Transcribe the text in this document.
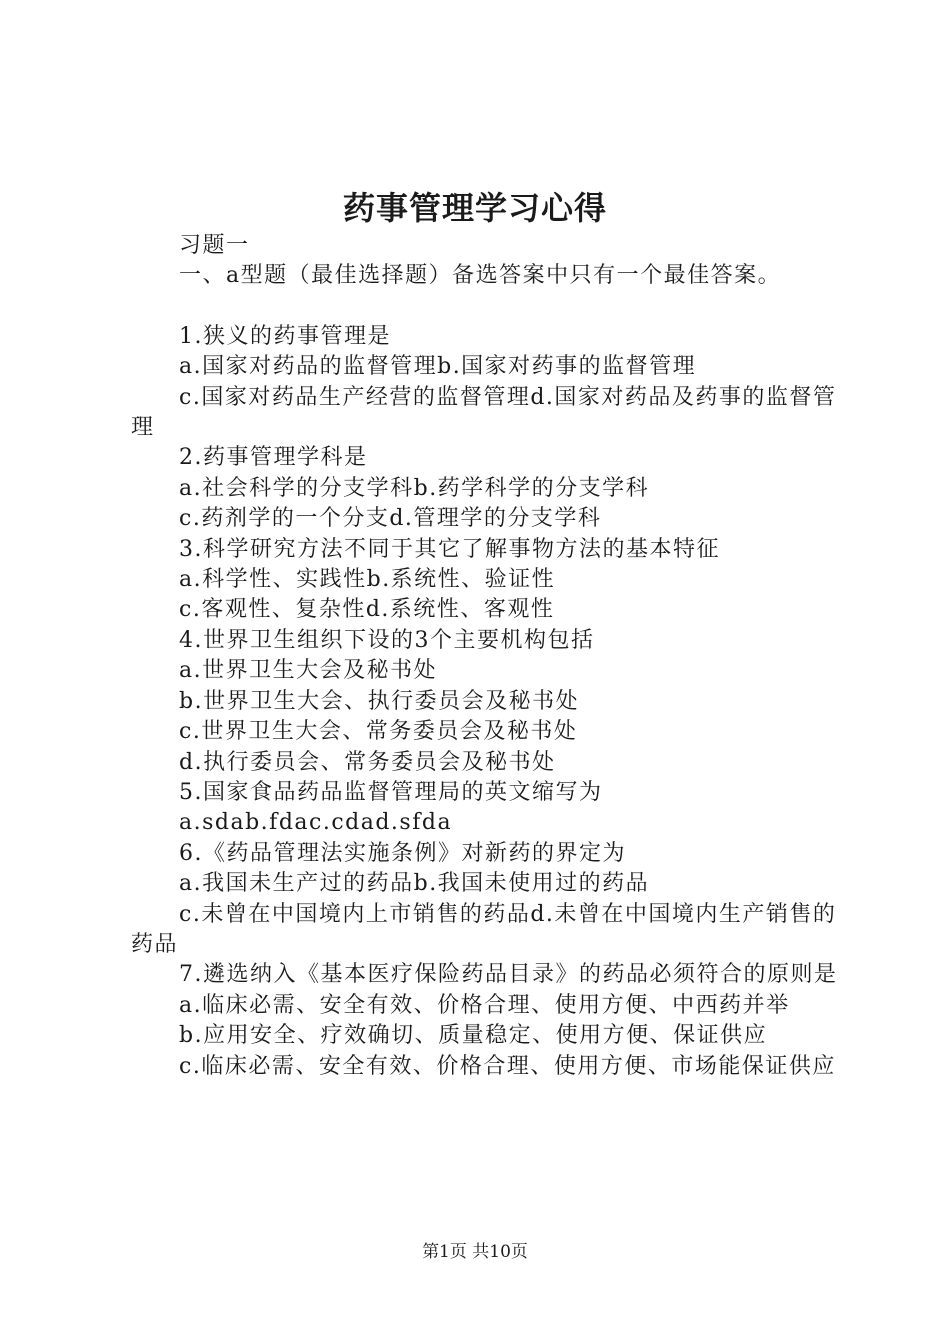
药事管理学习心得

习题一

一、a型题（最佳选择题）备选答案中只有一个最佳答案。

1.狭义的药事管理是

a.国家对药品的监督管理b.国家对药事的监督管理

c.国家对药品生产经营的监督管理d.国家对药品及药事的监督管理

2.药事管理学科是

a.社会科学的分支学科b.药学科学的分支学科

c.药剂学的一个分支d.管理学的分支学科

3.科学研究方法不同于其它了解事物方法的基本特征

a.科学性、实践性b.系统性、验证性

c.客观性、复杂性d.系统性、客观性

4.世界卫生组织下设的3个主要机构包括

a.世界卫生大会及秘书处

b.世界卫生大会、执行委员会及秘书处

c.世界卫生大会、常务委员会及秘书处

d.执行委员会、常务委员会及秘书处

5.国家食品药品监督管理局的英文缩写为

a.sdab.fdac.cdad.sfda

6.《药品管理法实施条例》对新药的界定为

a.我国未生产过的药品b.我国未使用过的药品

c.未曾在中国境内上市销售的药品d.未曾在中国境内生产销售的药品

7.遴选纳入《基本医疗保险药品目录》的药品必须符合的原则是

a.临床必需、安全有效、价格合理、使用方便、中西药并举

b.应用安全、疗效确切、质量稳定、使用方便、保证供应

c.临床必需、安全有效、价格合理、使用方便、市场能保证供应

第1页 共10页
